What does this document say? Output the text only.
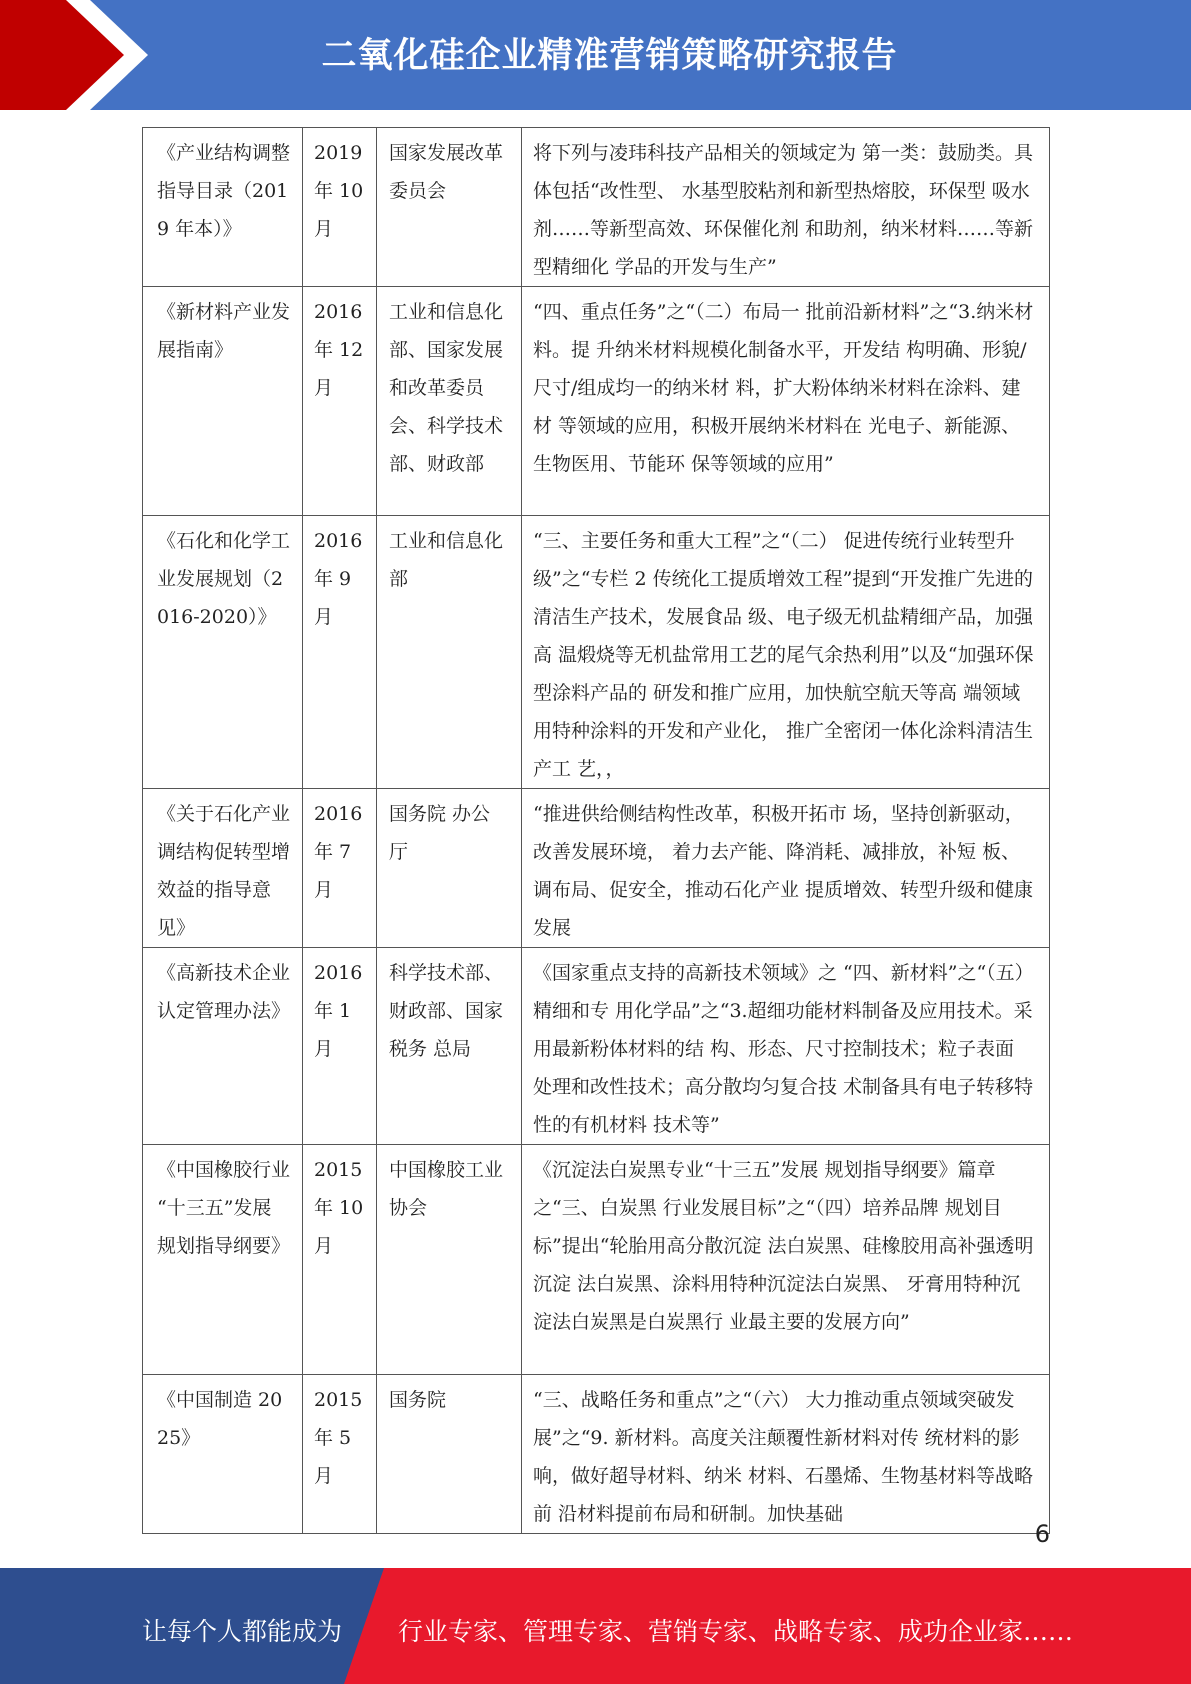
二氧化硅企业精准营销策略研究报告
《产业结构调整 指导目录（2019 年本）》	2019 年 10 月	国家发展改革 委员会	将下列与凌玮科技产品相关的领域定为 第一类：鼓励类。具体包括“改性型、 水基型胶粘剂和新型热熔胶，环保型 吸水剂……等新型高效、环保催化剂 和助剂，纳米材料……等新型精细化 学品的开发与生产”
《新材料产业发 展指南》	2016 年 12 月	工业和信息化 部、国家发展 和改革委员 会、科学技术 部、财政部	“四、重点任务”之“（二）布局一 批前沿新材料”之“3.纳米材料。提 升纳米材料规模化制备水平，开发结 构明确、形貌/尺寸/组成均一的纳米材 料，扩大粉体纳米材料在涂料、建材 等领域的应用，积极开展纳米材料在 光电子、新能源、生物医用、节能环 保等领域的应用”
《石化和化学工 业发展规划（2016-2020）》	2016 年 9 月	工业和信息化 部	“三、主要任务和重大工程”之“（二） 促进传统行业转型升级”之“专栏 2 传统化工提质增效工程”提到“开发推广先进的清洁生产技术，发展食品 级、电子级无机盐精细产品，加强高 温煅烧等无机盐常用工艺的尾气余热利用”以及“加强环保型涂料产品的 研发和推广应用，加快航空航天等高 端领域用特种涂料的开发和产业化， 推广全密闭一体化涂料清洁生产工 艺，，
《关于石化产业 调结构促转型增 效益的指导意见》	2016 年 7 月	国务院 办公厅	“推进供给侧结构性改革，积极开拓市 场，坚持创新驱动，改善发展环境， 着力去产能、降消耗、减排放，补短 板、调布局、促安全，推动石化产业 提质增效、转型升级和健康发展
《高新技术企业 认定管理办法》	2016 年 1 月	科学技术部、 财政部、国家 税务 总局	《国家重点支持的高新技术领域》之 “四、新材料”之“（五）精细和专 用化学品”之“3.超细功能材料制备及应用技术。采用最新粉体材料的结 构、形态、尺寸控制技术；粒子表面 处理和改性技术；高分散均匀复合技 术制备具有电子转移特性的有机材料 技术等”
《中国橡胶行业 “十三五”发展规划指导纲要》	2015 年 10 月	中国橡胶工业 协会	《沉淀法白炭黑专业“十三五”发展 规划指导纲要》篇章之“三、白炭黑 行业发展目标”之“（四）培养品牌 规划目标”提出“轮胎用高分散沉淀 法白炭黑、硅橡胶用高补强透明沉淀 法白炭黑、涂料用特种沉淀法白炭黑、 牙膏用特种沉淀法白炭黑是白炭黑行 业最主要的发展方向”
《中国制造 2025》	2015 年 5 月	国务院	“三、战略任务和重点”之“（六） 大力推动重点领域突破发展”之“9. 新材料。高度关注颠覆性新材料对传 统材料的影响，做好超导材料、纳米 材料、石墨烯、生物基材料等战略前 沿材料提前布局和研制。加快基础
6
让每个人都能成为 行业专家、管理专家、营销专家、战略专家、成功企业家……
